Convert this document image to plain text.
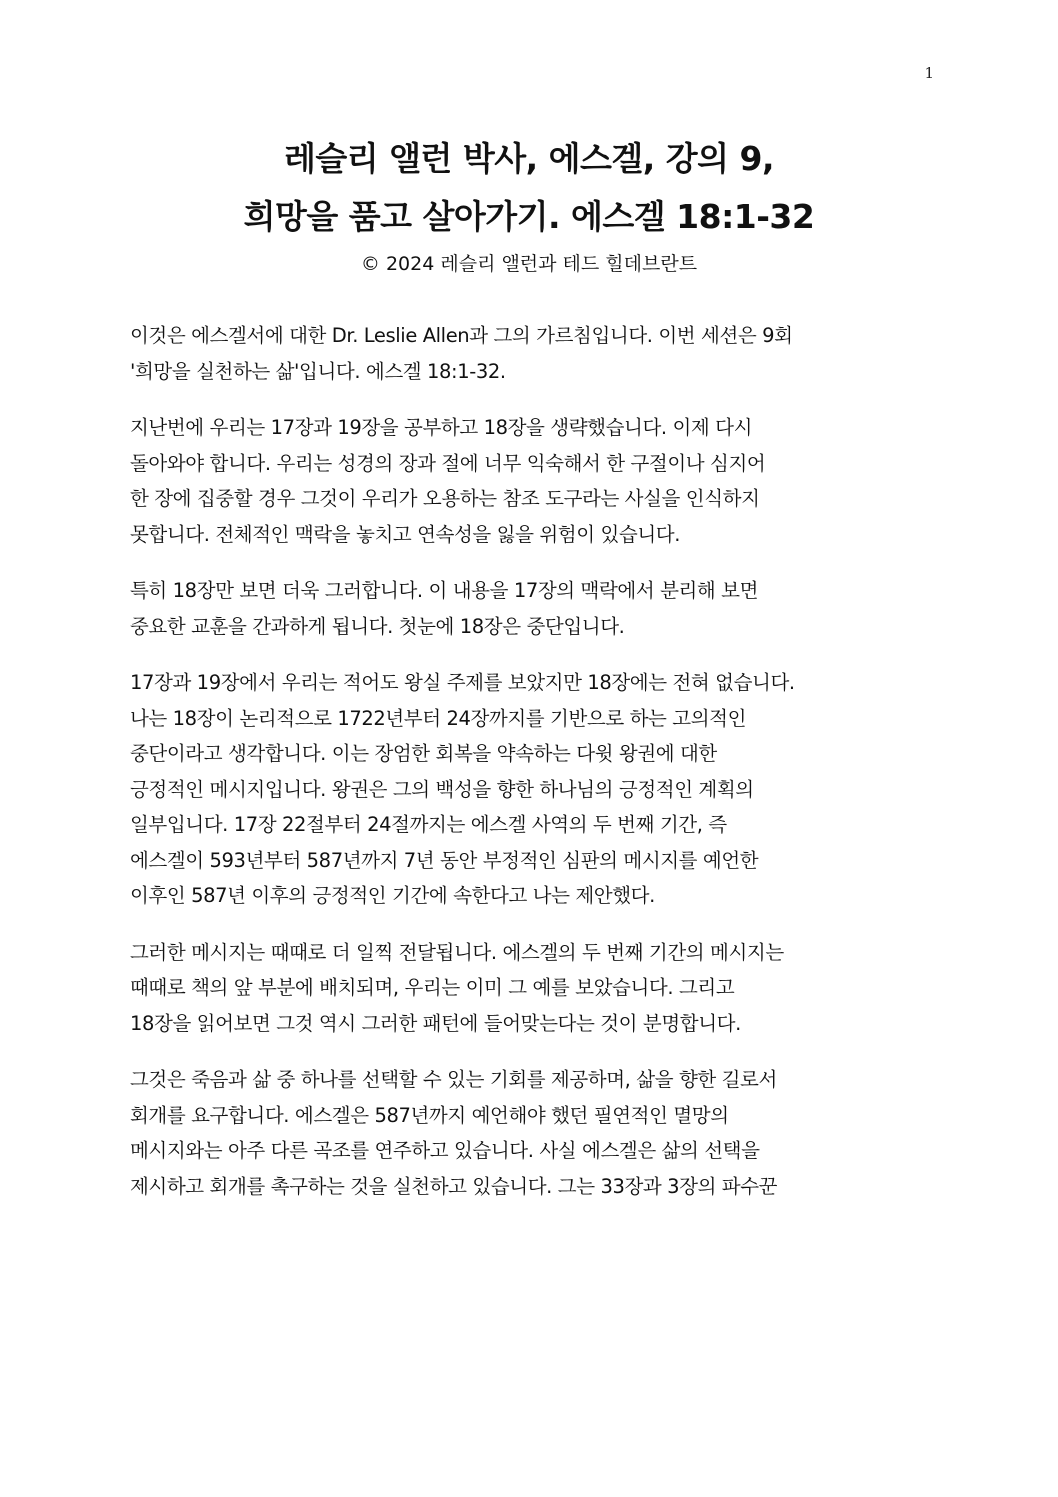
1
레슬리 앨런 박사, 에스겔, 강의 9,
희망을 품고 살아가기. 에스겔 18:1-32
© 2024 레슬리 앨런과 테드 힐데브란트

이것은 에스겔서에 대한 Dr. Leslie Allen과 그의 가르침입니다. 이번 세션은 9회
'희망을 실천하는 삶'입니다. 에스겔 18:1-32.

지난번에 우리는 17장과 19장을 공부하고 18장을 생략했습니다. 이제 다시
돌아와야 합니다. 우리는 성경의 장과 절에 너무 익숙해서 한 구절이나 심지어
한 장에 집중할 경우 그것이 우리가 오용하는 참조 도구라는 사실을 인식하지
못합니다. 전체적인 맥락을 놓치고 연속성을 잃을 위험이 있습니다.

특히 18장만 보면 더욱 그러합니다. 이 내용을 17장의 맥락에서 분리해 보면
중요한 교훈을 간과하게 됩니다. 첫눈에 18장은 중단입니다.

17장과 19장에서 우리는 적어도 왕실 주제를 보았지만 18장에는 전혀 없습니다.
나는 18장이 논리적으로 1722년부터 24장까지를 기반으로 하는 고의적인
중단이라고 생각합니다. 이는 장엄한 회복을 약속하는 다윗 왕권에 대한
긍정적인 메시지입니다. 왕권은 그의 백성을 향한 하나님의 긍정적인 계획의
일부입니다. 17장 22절부터 24절까지는 에스겔 사역의 두 번째 기간, 즉
에스겔이 593년부터 587년까지 7년 동안 부정적인 심판의 메시지를 예언한
이후인 587년 이후의 긍정적인 기간에 속한다고 나는 제안했다.

그러한 메시지는 때때로 더 일찍 전달됩니다. 에스겔의 두 번째 기간의 메시지는
때때로 책의 앞 부분에 배치되며, 우리는 이미 그 예를 보았습니다. 그리고
18장을 읽어보면 그것 역시 그러한 패턴에 들어맞는다는 것이 분명합니다.

그것은 죽음과 삶 중 하나를 선택할 수 있는 기회를 제공하며, 삶을 향한 길로서
회개를 요구합니다. 에스겔은 587년까지 예언해야 했던 필연적인 멸망의
메시지와는 아주 다른 곡조를 연주하고 있습니다. 사실 에스겔은 삶의 선택을
제시하고 회개를 촉구하는 것을 실천하고 있습니다. 그는 33장과 3장의 파수꾼
